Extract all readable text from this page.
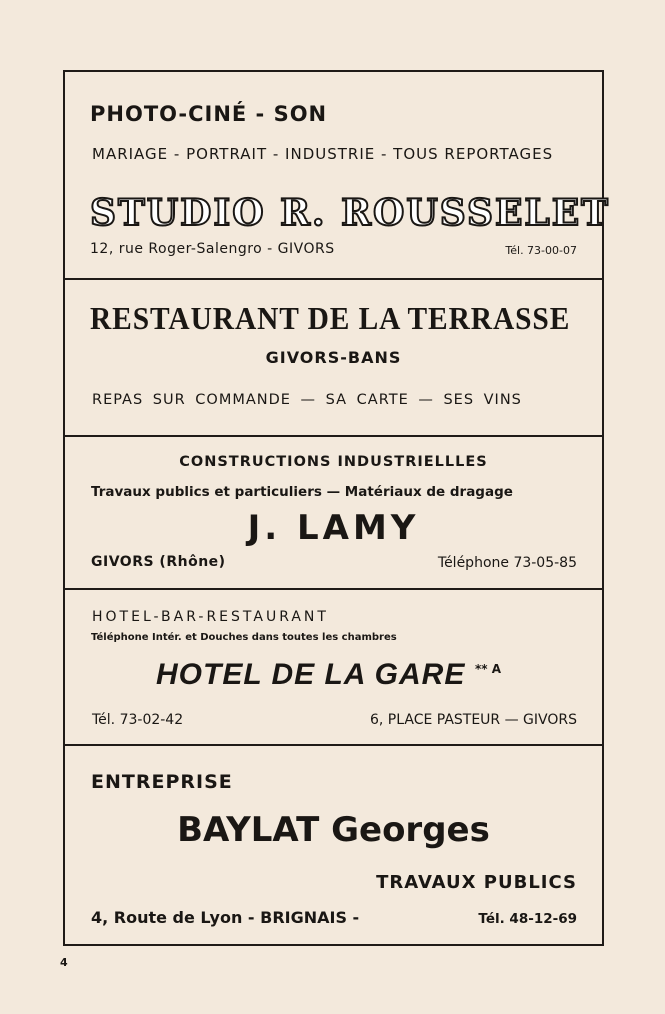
PHOTO-CINÉ - SON
MARIAGE - PORTRAIT - INDUSTRIE - TOUS REPORTAGES
STUDIO R. ROUSSELET
12, rue Roger-Salengro - GIVORS	Tél. 73-00-07
RESTAURANT DE LA TERRASSE
GIVORS-BANS
REPAS SUR COMMANDE — SA CARTE — SES VINS
CONSTRUCTIONS INDUSTRIELLLES
Travaux publics et particuliers — Matériaux de dragage
J. LAMY
GIVORS (Rhône)	Téléphone 73-05-85
HOTEL-BAR-RESTAURANT
Téléphone Intér. et Douches dans toutes les chambres
HOTEL DE LA GARE ** A
Tél. 73-02-42	6, PLACE PASTEUR — GIVORS
ENTREPRISE
BAYLAT Georges
TRAVAUX PUBLICS
4, Route de Lyon - BRIGNAIS -	Tél. 48-12-69
4
